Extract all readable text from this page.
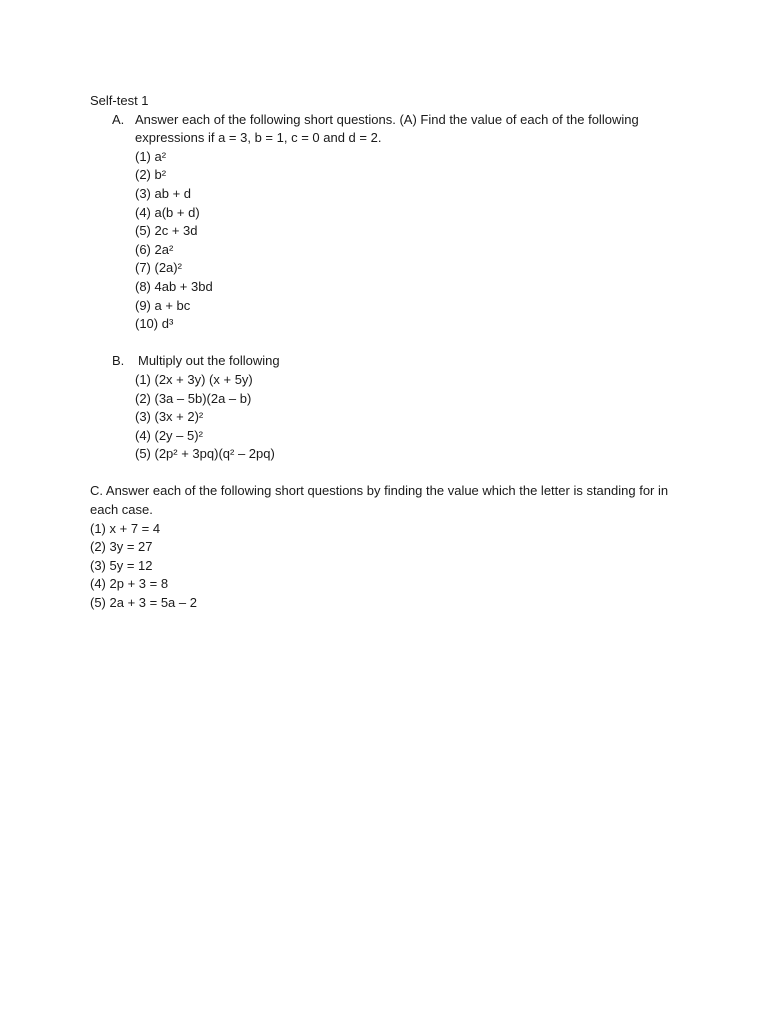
Self-test 1

A. Answer each of the following short questions. (A) Find the value of each of the following expressions if a = 3, b = 1, c = 0 and d = 2.
(1) a²
(2) b²
(3) ab + d
(4) a(b + d)
(5) 2c + 3d
(6) 2a²
(7) (2a)²
(8) 4ab + 3bd
(9) a + bc
(10) d³
B.	Multiply out the following
(1) (2x + 3y) (x + 5y)
(2) (3a – 5b)(2a – b)
(3) (3x + 2)²
(4) (2y – 5)²
(5) (2p² + 3pq)(q² – 2pq)

C. Answer each of the following short questions by finding the value which the letter is standing for in each case.

(1) x + 7 = 4
(2) 3y = 27
(3) 5y = 12
(4) 2p + 3 = 8
(5) 2a + 3 = 5a – 2
